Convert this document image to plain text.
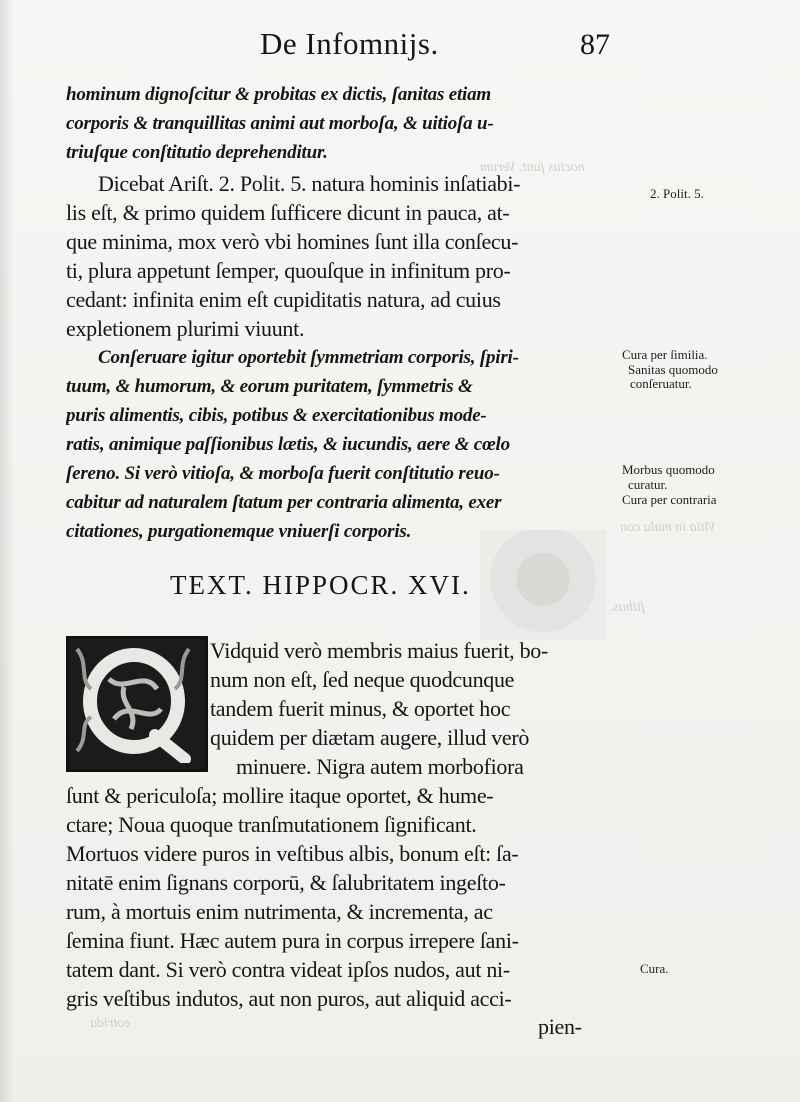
nocius ſunt. Verum
Vitia in mala con
ſtibus.
eotrida
De Infomnijs.	87
hominum dignoſcitur & probitas ex dictis, ſanitas etiam
corporis & tranquillitas animi aut morboſa, & uitioſa u-
triuſque conſtitutio deprehenditur.
Dicebat Ariſt. 2. Polit. 5. natura hominis inſatiabi-
lis eſt, & primo quidem ſufficere dicunt in pauca, at-
que minima, mox verò vbi homines ſunt illa conſecu-
ti, plura appetunt ſemper, quouſque in infinitum pro-
cedant: infinita enim eſt cupiditatis natura, ad cuius
expletionem plurimi viuunt.
Conſeruare igitur oportebit ſymmetriam corporis, ſpiri-
tuum, & humorum, & eorum puritatem, ſymmetris &
puris alimentis, cibis, potibus & exercitationibus mode-
ratis, animique paſſionibus lætis, & iucundis, aere & cœlo
ſereno. Si verò vitioſa, & morboſa fuerit conſtitutio reuo-
cabitur ad naturalem ſtatum per contraria alimenta, exer
citationes, purgationemque vniuerſi corporis.
TEXT. HIPPOCR. XVI.
Vidquid verò membris maius fuerit, bo-
num non eſt, ſed neque quodcunque
tandem fuerit minus, & oportet hoc
quidem per diætam augere, illud verò
minuere. Nigra autem morbofiora
ſunt & periculoſa; mollire itaque oportet, & hume-
ctare; Noua quoque tranſmutationem ſignificant.
Mortuos videre puros in veſtibus albis, bonum eſt: ſa-
nitatē enim ſignans corporū, & ſalubritatem ingeſto-
rum, à mortuis enim nutrimenta, & incrementa, ac
ſemina fiunt. Hæc autem pura in corpus irrepere ſani-
tatem dant. Si verò contra videat ipſos nudos, aut ni-
gris veſtibus indutos, aut non puros, aut aliquid acci-
pien-
2. Polit. 5.
Cura per ſimilia.
Sanitas quomodo
conſeruatur.
Morbus quomodo
curatur.
Cura per contraria
Cura.
